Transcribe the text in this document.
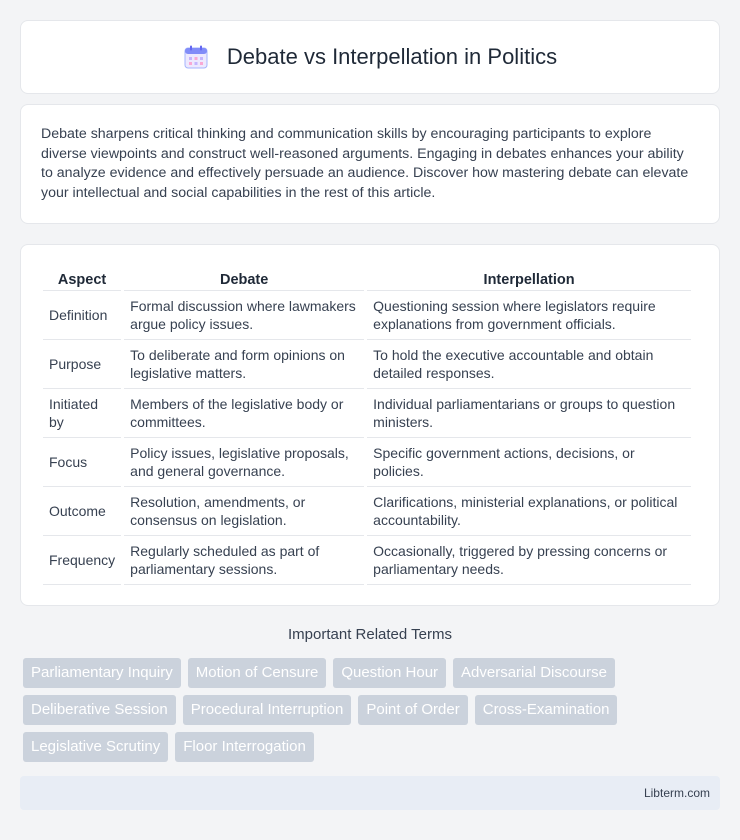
Debate vs Interpellation in Politics

Debate sharpens critical thinking and communication skills by encouraging participants to explore diverse viewpoints and construct well-reasoned arguments. Engaging in debates enhances your ability to analyze evidence and effectively persuade an audience. Discover how mastering debate can elevate your intellectual and social capabilities in the rest of this article.

Aspect	Debate	Interpellation
Definition	Formal discussion where lawmakers argue policy issues.	Questioning session where legislators require explanations from government officials.
Purpose	To deliberate and form opinions on legislative matters.	To hold the executive accountable and obtain detailed responses.
Initiated by	Members of the legislative body or committees.	Individual parliamentarians or groups to question ministers.
Focus	Policy issues, legislative proposals, and general governance.	Specific government actions, decisions, or policies.
Outcome	Resolution, amendments, or consensus on legislation.	Clarifications, ministerial explanations, or political accountability.
Frequency	Regularly scheduled as part of parliamentary sessions.	Occasionally, triggered by pressing concerns or parliamentary needs.
Important Related Terms
Parliamentary Inquiry	Motion of Censure	Question Hour	Adversarial Discourse
Deliberative Session	Procedural Interruption	Point of Order	Cross-Examination
Legislative Scrutiny	Floor Interrogation
Libterm.com
